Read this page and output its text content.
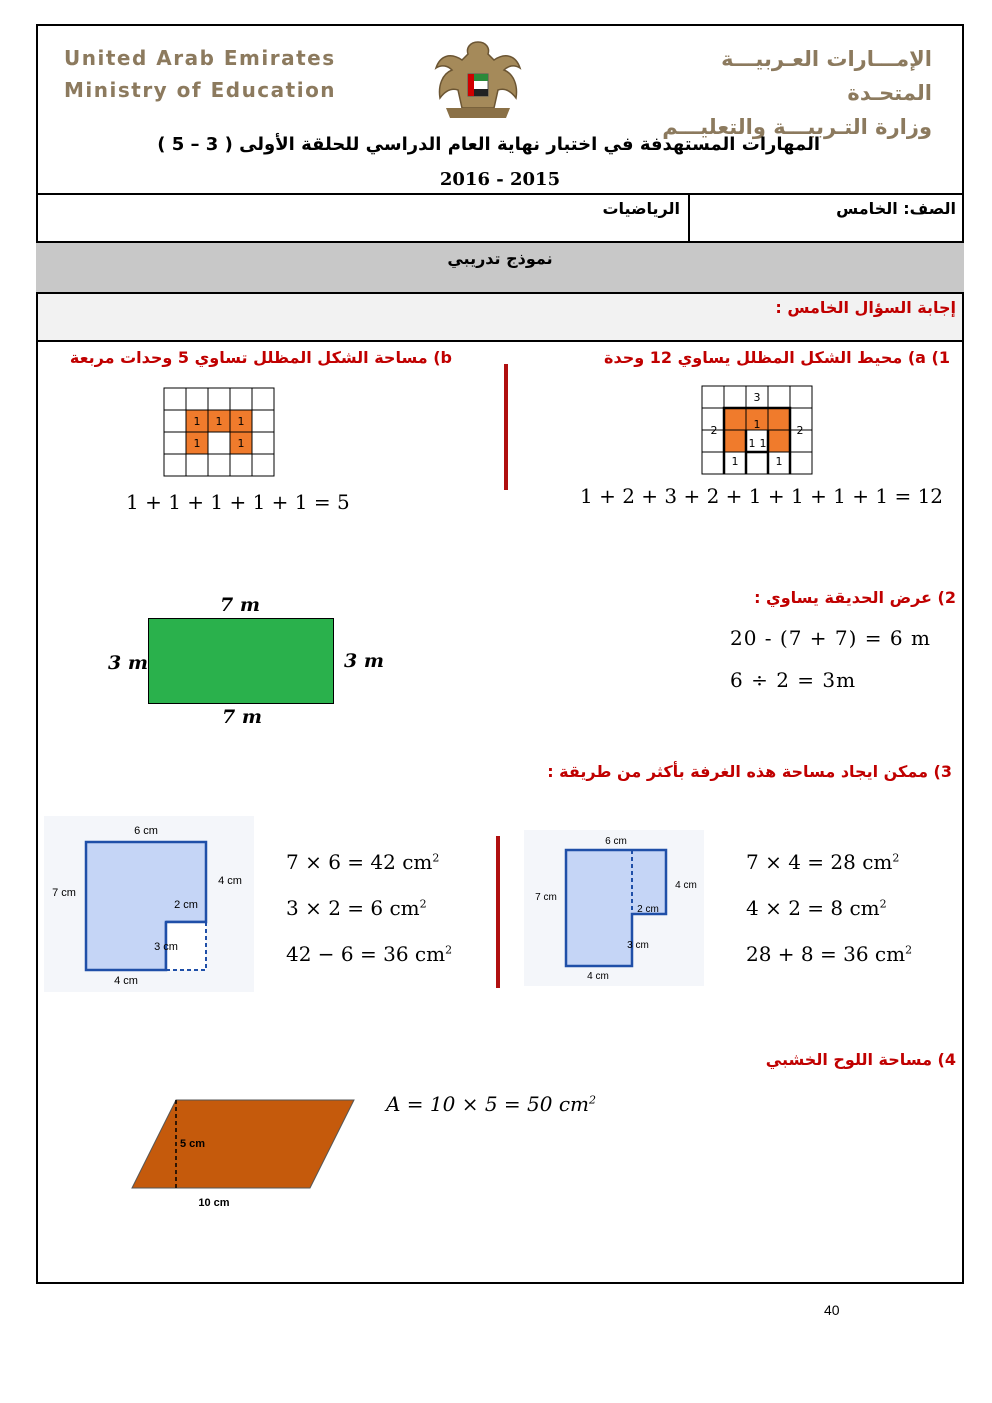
United Arab Emirates
Ministry of Education
الإمـــارات العـربيـــة المتحـدة
وزارة التـربيـــة والتعليـــم
المهارات المستهدفة في اختبار نهاية العام الدراسي للحلقة الأولى ( 3 – 5 )
2016 - 2015
الصف: الخامس
الرياضيات
نموذج تدريبي
إجابة السؤال الخامس :
1) a) محيط الشكل المظلل يساوي 12 وحدة
3
2	2
1
1 1
1	1
1 + 2 + 3 + 2 + 1 + 1 + 1 + 1 = 12
b) مساحة الشكل المظلل تساوي 5 وحدات مربعة
1 1 1
1	1
1 + 1 + 1 + 1 + 1 = 5
2) عرض الحديقة يساوي :
7 m
7 m
3 m	3 m
20 - (7 + 7) = 6 m
6 ÷ 2 = 3m
3) ممكن ايجاد مساحة هذه الغرفة بأكثر من طريقة :
6 cm
7 cm
4 cm
2 cm
3 cm
4 cm
7 × 6 = 42 $cm^2$
3 × 2 = 6 $cm^2$
42 − 6 = 36 $cm^2$
6 cm
7 cm
4 cm
2 cm
3 cm
4 cm
7 × 4 = 28 $cm^2$
4 × 2 = 8 $cm^2$
28 + 8 = 36 $cm^2$
4) مساحة اللوح الخشبي
5 cm
10 cm
A = 10 × 5 = 50 $cm^2$
40
